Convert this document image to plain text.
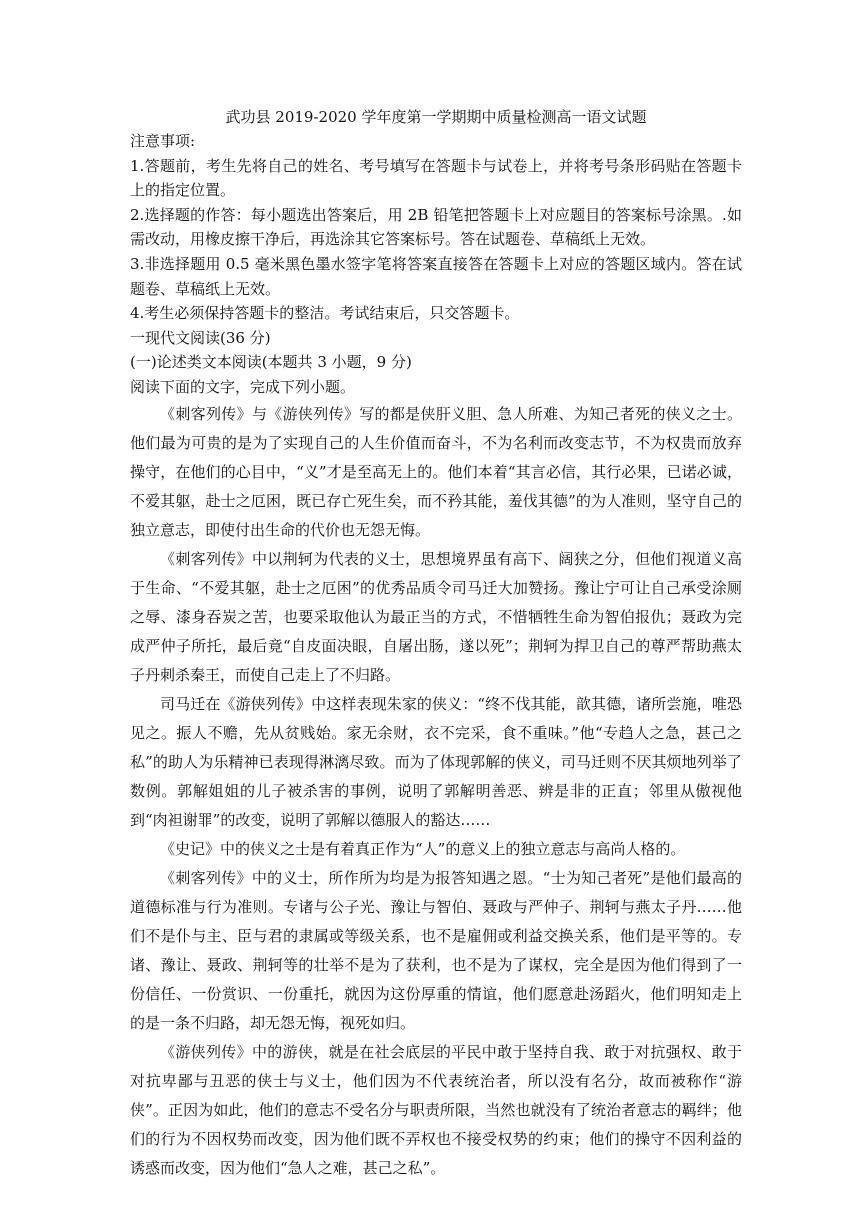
武功县 2019-2020 学年度第一学期期中质量检测高一语文试题

注意事项:

1.答题前，考生先将自己的姓名、考号填写在答题卡与试卷上，并将考号条形码贴在答题卡上的指定位置。

2.选择题的作答：每小题选出答案后，用 2B 铅笔把答题卡上对应题目的答案标号涂黑。.如需改动，用橡皮擦干净后，再选涂其它答案标号。答在试题卷、草稿纸上无效。

3.非选择题用 0.5 毫米黑色墨水签字笔将答案直接答在答题卡上对应的答题区域内。答在试题卷、草稿纸上无效。

4.考生必须保持答题卡的整洁。考试结束后，只交答题卡。

一现代文阅读(36 分)

(一)论述类文本阅读(本题共 3 小题，9 分)

阅读下面的文字，完成下列小题。

《刺客列传》与《游侠列传》写的都是侠肝义胆、急人所难、为知己者死的侠义之士。他们最为可贵的是为了实现自己的人生价值而奋斗，不为名利而改变志节，不为权贵而放弃操守，在他们的心目中，“义”才是至高无上的。他们本着“其言必信，其行必果，已诺必诚，不爱其躯，赴士之厄困，既已存亡死生矣，而不矜其能，羞伐其德”的为人准则，坚守自己的独立意志，即使付出生命的代价也无怨无悔。

《刺客列传》中以荆轲为代表的义士，思想境界虽有高下、阔狭之分，但他们视道义高于生命、“不爱其躯，赴士之厄困”的优秀品质令司马迁大加赞扬。豫让宁可让自己承受涂厕之辱、漆身吞炭之苦，也要采取他认为最正当的方式，不惜牺牲生命为智伯报仇；聂政为完成严仲子所托，最后竟“自皮面决眼，自屠出肠，遂以死”；荆轲为捍卫自己的尊严帮助燕太子丹刺杀秦王，而使自己走上了不归路。

司马迁在《游侠列传》中这样表现朱家的侠义：“终不伐其能，歆其德，诸所尝施，唯恐见之。振人不赡，先从贫贱始。家无余财，衣不完采，食不重味。”他“专趋人之急，甚己之私”的助人为乐精神已表现得淋漓尽致。而为了体现郭解的侠义，司马迁则不厌其烦地列举了数例。郭解姐姐的儿子被杀害的事例，说明了郭解明善恶、辨是非的正直；邻里从傲视他到“肉袒谢罪”的改变，说明了郭解以德服人的豁达……

《史记》中的侠义之士是有着真正作为“人”的意义上的独立意志与高尚人格的。

《刺客列传》中的义士，所作所为均是为报答知遇之恩。“士为知己者死”是他们最高的道德标准与行为准则。专诸与公子光、豫让与智伯、聂政与严仲子、荆轲与燕太子丹……他们不是仆与主、臣与君的隶属或等级关系，也不是雇佣或利益交换关系，他们是平等的。专诸、豫让、聂政、荆轲等的壮举不是为了获利，也不是为了谋权，完全是因为他们得到了一份信任、一份赏识、一份重托，就因为这份厚重的情谊，他们愿意赴汤蹈火，他们明知走上的是一条不归路，却无怨无悔，视死如归。

《游侠列传》中的游侠，就是在社会底层的平民中敢于坚持自我、敢于对抗强权、敢于对抗卑鄙与丑恶的侠士与义士，他们因为不代表统治者，所以没有名分，故而被称作“游侠”。正因为如此，他们的意志不受名分与职责所限，当然也就没有了统治者意志的羁绊；他们的行为不因权势而改变，因为他们既不弄权也不接受权势的约束；他们的操守不因利益的诱惑而改变，因为他们“急人之难，甚己之私”。
